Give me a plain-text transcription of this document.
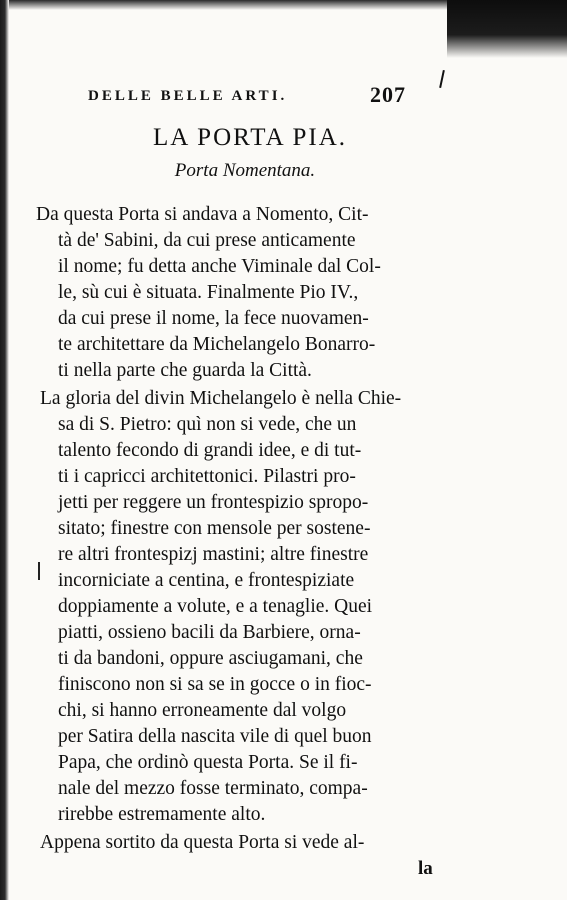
DELLE BELLE ARTI.	207
LA PORTA PIA.
Porta Nomentana.
Da questa Porta si andava a Nomento, Cit-
tà de' Sabini, da cui prese anticamente
il nome; fu detta anche Viminale dal Col-
le, sù cui è situata. Finalmente Pio IV.,
da cui prese il nome, la fece nuovamen-
te architettare da Michelangelo Bonarro-
ti nella parte che guarda la Città.
La gloria del divin Michelangelo è nella Chie-
sa di S. Pietro: quì non si vede, che un
talento fecondo di grandi idee, e di tut-
ti i capricci architettonici. Pilastri pro-
jetti per reggere un frontespizio spropo-
sitato; finestre con mensole per sostene-
re altri frontespizj mastini; altre finestre
incorniciate a centina, e frontespiziate
doppiamente a volute, e a tenaglie. Quei
piatti, ossieno bacili da Barbiere, orna-
ti da bandoni, oppure asciugamani, che
finiscono non si sa se in gocce o in fioc-
chi, si hanno erroneamente dal volgo
per Satira della nascita vile di quel buon
Papa, che ordinò questa Porta. Se il fi-
nale del mezzo fosse terminato, compa-
rirebbe estremamente alto.
Appena sortito da questa Porta si vede al-
la
